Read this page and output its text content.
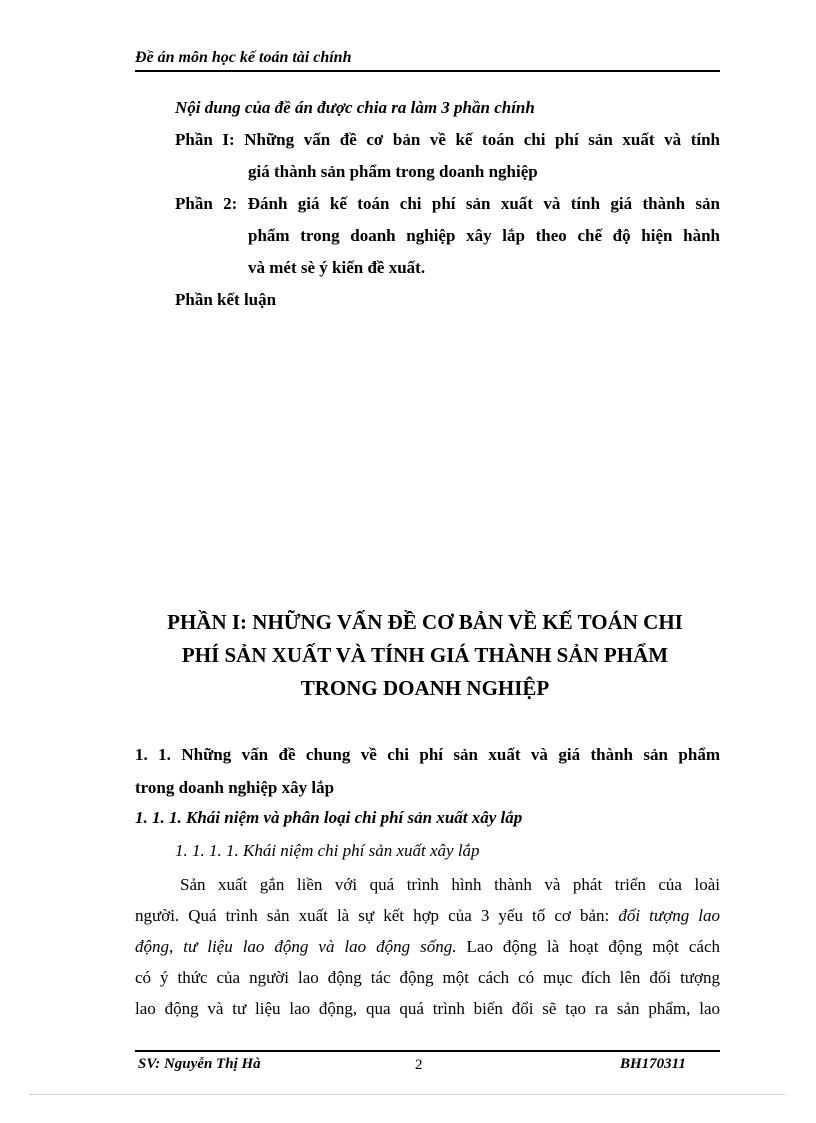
Đề án môn học kế toán tài chính
Nội dung của đề án được chia ra làm 3 phần chính
Phần I: Những vấn đề cơ bản về kế toán chi phí sản xuất và tính
giá thành sản phẩm trong doanh nghiệp
Phần 2: Đánh giá kế toán chi phí sản xuất và tính giá thành sản
phẩm trong doanh nghiệp xây lắp theo chế độ hiện hành
và mét sè ý kiến đề xuất.
Phần kết luận
PHẦN I: NHỮNG VẤN ĐỀ CƠ BẢN VỀ KẾ TOÁN CHI
PHÍ SẢN XUẤT VÀ TÍNH GIÁ THÀNH SẢN PHẨM
TRONG DOANH NGHIỆP
1. 1. Những vấn đề chung về chi phí sản xuất và giá thành sản phẩm
trong doanh nghiệp xây lắp
1. 1. 1. Khái niệm và phân loại chi phí sản xuất xây lắp
1. 1. 1. 1. Khái niệm chi phí sản xuất xây lắp
Sản xuất gắn liền với quá trình hình thành và phát triển của loài
người. Quá trình sản xuất là sự kết hợp của 3 yếu tố cơ bản: đối tượng lao
động, tư liệu lao động và lao động sống. Lao động là hoạt động một cách
có ý thức của người lao động tác động một cách có mục đích lên đối tượng
lao động và tư liệu lao động, qua quá trình biến đổi sẽ tạo ra sản phẩm, lao
SV: Nguyễn Thị Hà	2	BH170311
